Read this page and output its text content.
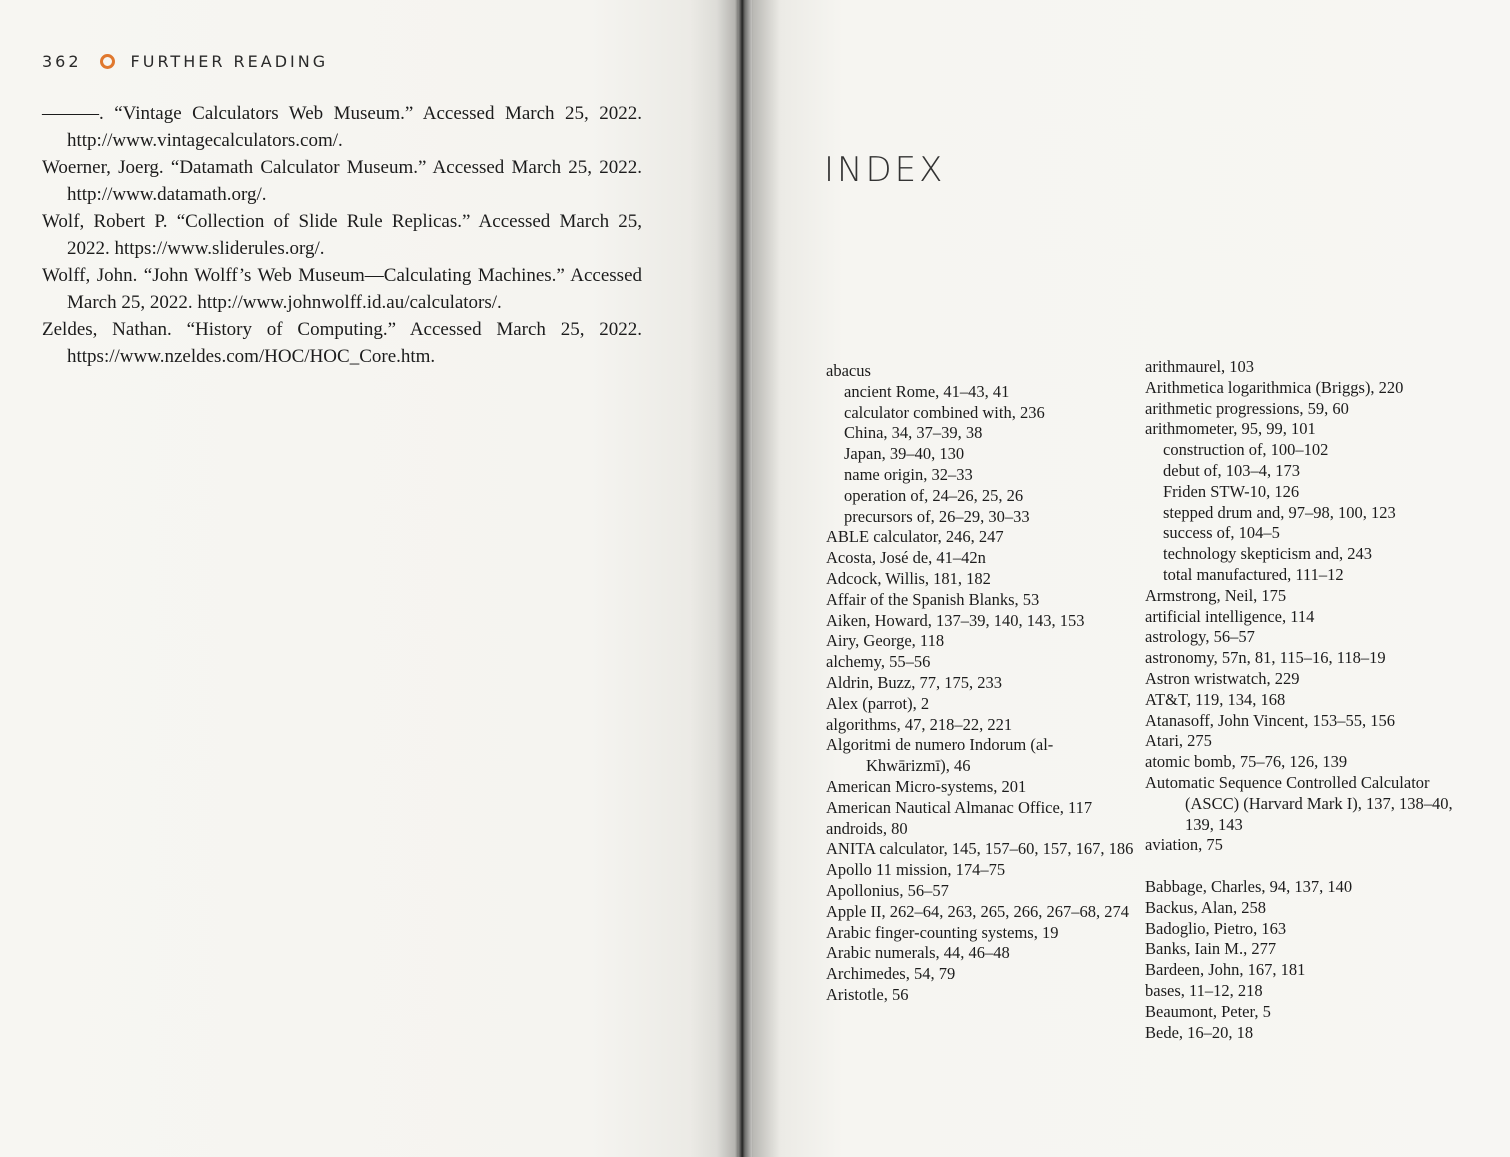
362	FURTHER READING

———. “Vintage Calculators Web Museum.” Accessed March 25, 2022. http://www.vintagecalculators.com/.

Woerner, Joerg. “Datamath Calculator Museum.” Accessed March 25, 2022. http://www.datamath.org/.

Wolf, Robert P. “Collection of Slide Rule Replicas.” Accessed March 25, 2022. https://www.sliderules.org/.

Wolff, John. “John Wolff’s Web Museum—Calculating Machines.” Accessed March 25, 2022. http://www.johnwolff.id.au/calculators/.

Zeldes, Nathan. “History of Computing.” Accessed March 25, 2022. https://www.nzeldes.com/HOC/HOC_Core.htm.

INDEX

abacus

ancient Rome, 41–43, 41

calculator combined with, 236

China, 34, 37–39, 38

Japan, 39–40, 130

name origin, 32–33

operation of, 24–26, 25, 26

precursors of, 26–29, 30–33

ABLE calculator, 246, 247

Acosta, José de, 41–42n

Adcock, Willis, 181, 182

Affair of the Spanish Blanks, 53

Aiken, Howard, 137–39, 140, 143, 153

Airy, George, 118

alchemy, 55–56

Aldrin, Buzz, 77, 175, 233

Alex (parrot), 2

algorithms, 47, 218–22, 221

Algoritmi de numero Indorum (al-Khwārizmī), 46

American Micro-systems, 201

American Nautical Almanac Office, 117

androids, 80

ANITA calculator, 145, 157–60, 157, 167, 186

Apollo 11 mission, 174–75

Apollonius, 56–57

Apple II, 262–64, 263, 265, 266, 267–68, 274

Arabic finger-counting systems, 19

Arabic numerals, 44, 46–48

Archimedes, 54, 79

Aristotle, 56

arithmaurel, 103

Arithmetica logarithmica (Briggs), 220

arithmetic progressions, 59, 60

arithmometer, 95, 99, 101

construction of, 100–102

debut of, 103–4, 173

Friden STW-10, 126

stepped drum and, 97–98, 100, 123

success of, 104–5

technology skepticism and, 243

total manufactured, 111–12

Armstrong, Neil, 175

artificial intelligence, 114

astrology, 56–57

astronomy, 57n, 81, 115–16, 118–19

Astron wristwatch, 229

AT&T, 119, 134, 168

Atanasoff, John Vincent, 153–55, 156

Atari, 275

atomic bomb, 75–76, 126, 139

Automatic Sequence Controlled Calculator (ASCC) (Harvard Mark I), 137, 138–40, 139, 143

aviation, 75

Babbage, Charles, 94, 137, 140

Backus, Alan, 258

Badoglio, Pietro, 163

Banks, Iain M., 277

Bardeen, John, 167, 181

bases, 11–12, 218

Beaumont, Peter, 5

Bede, 16–20, 18
